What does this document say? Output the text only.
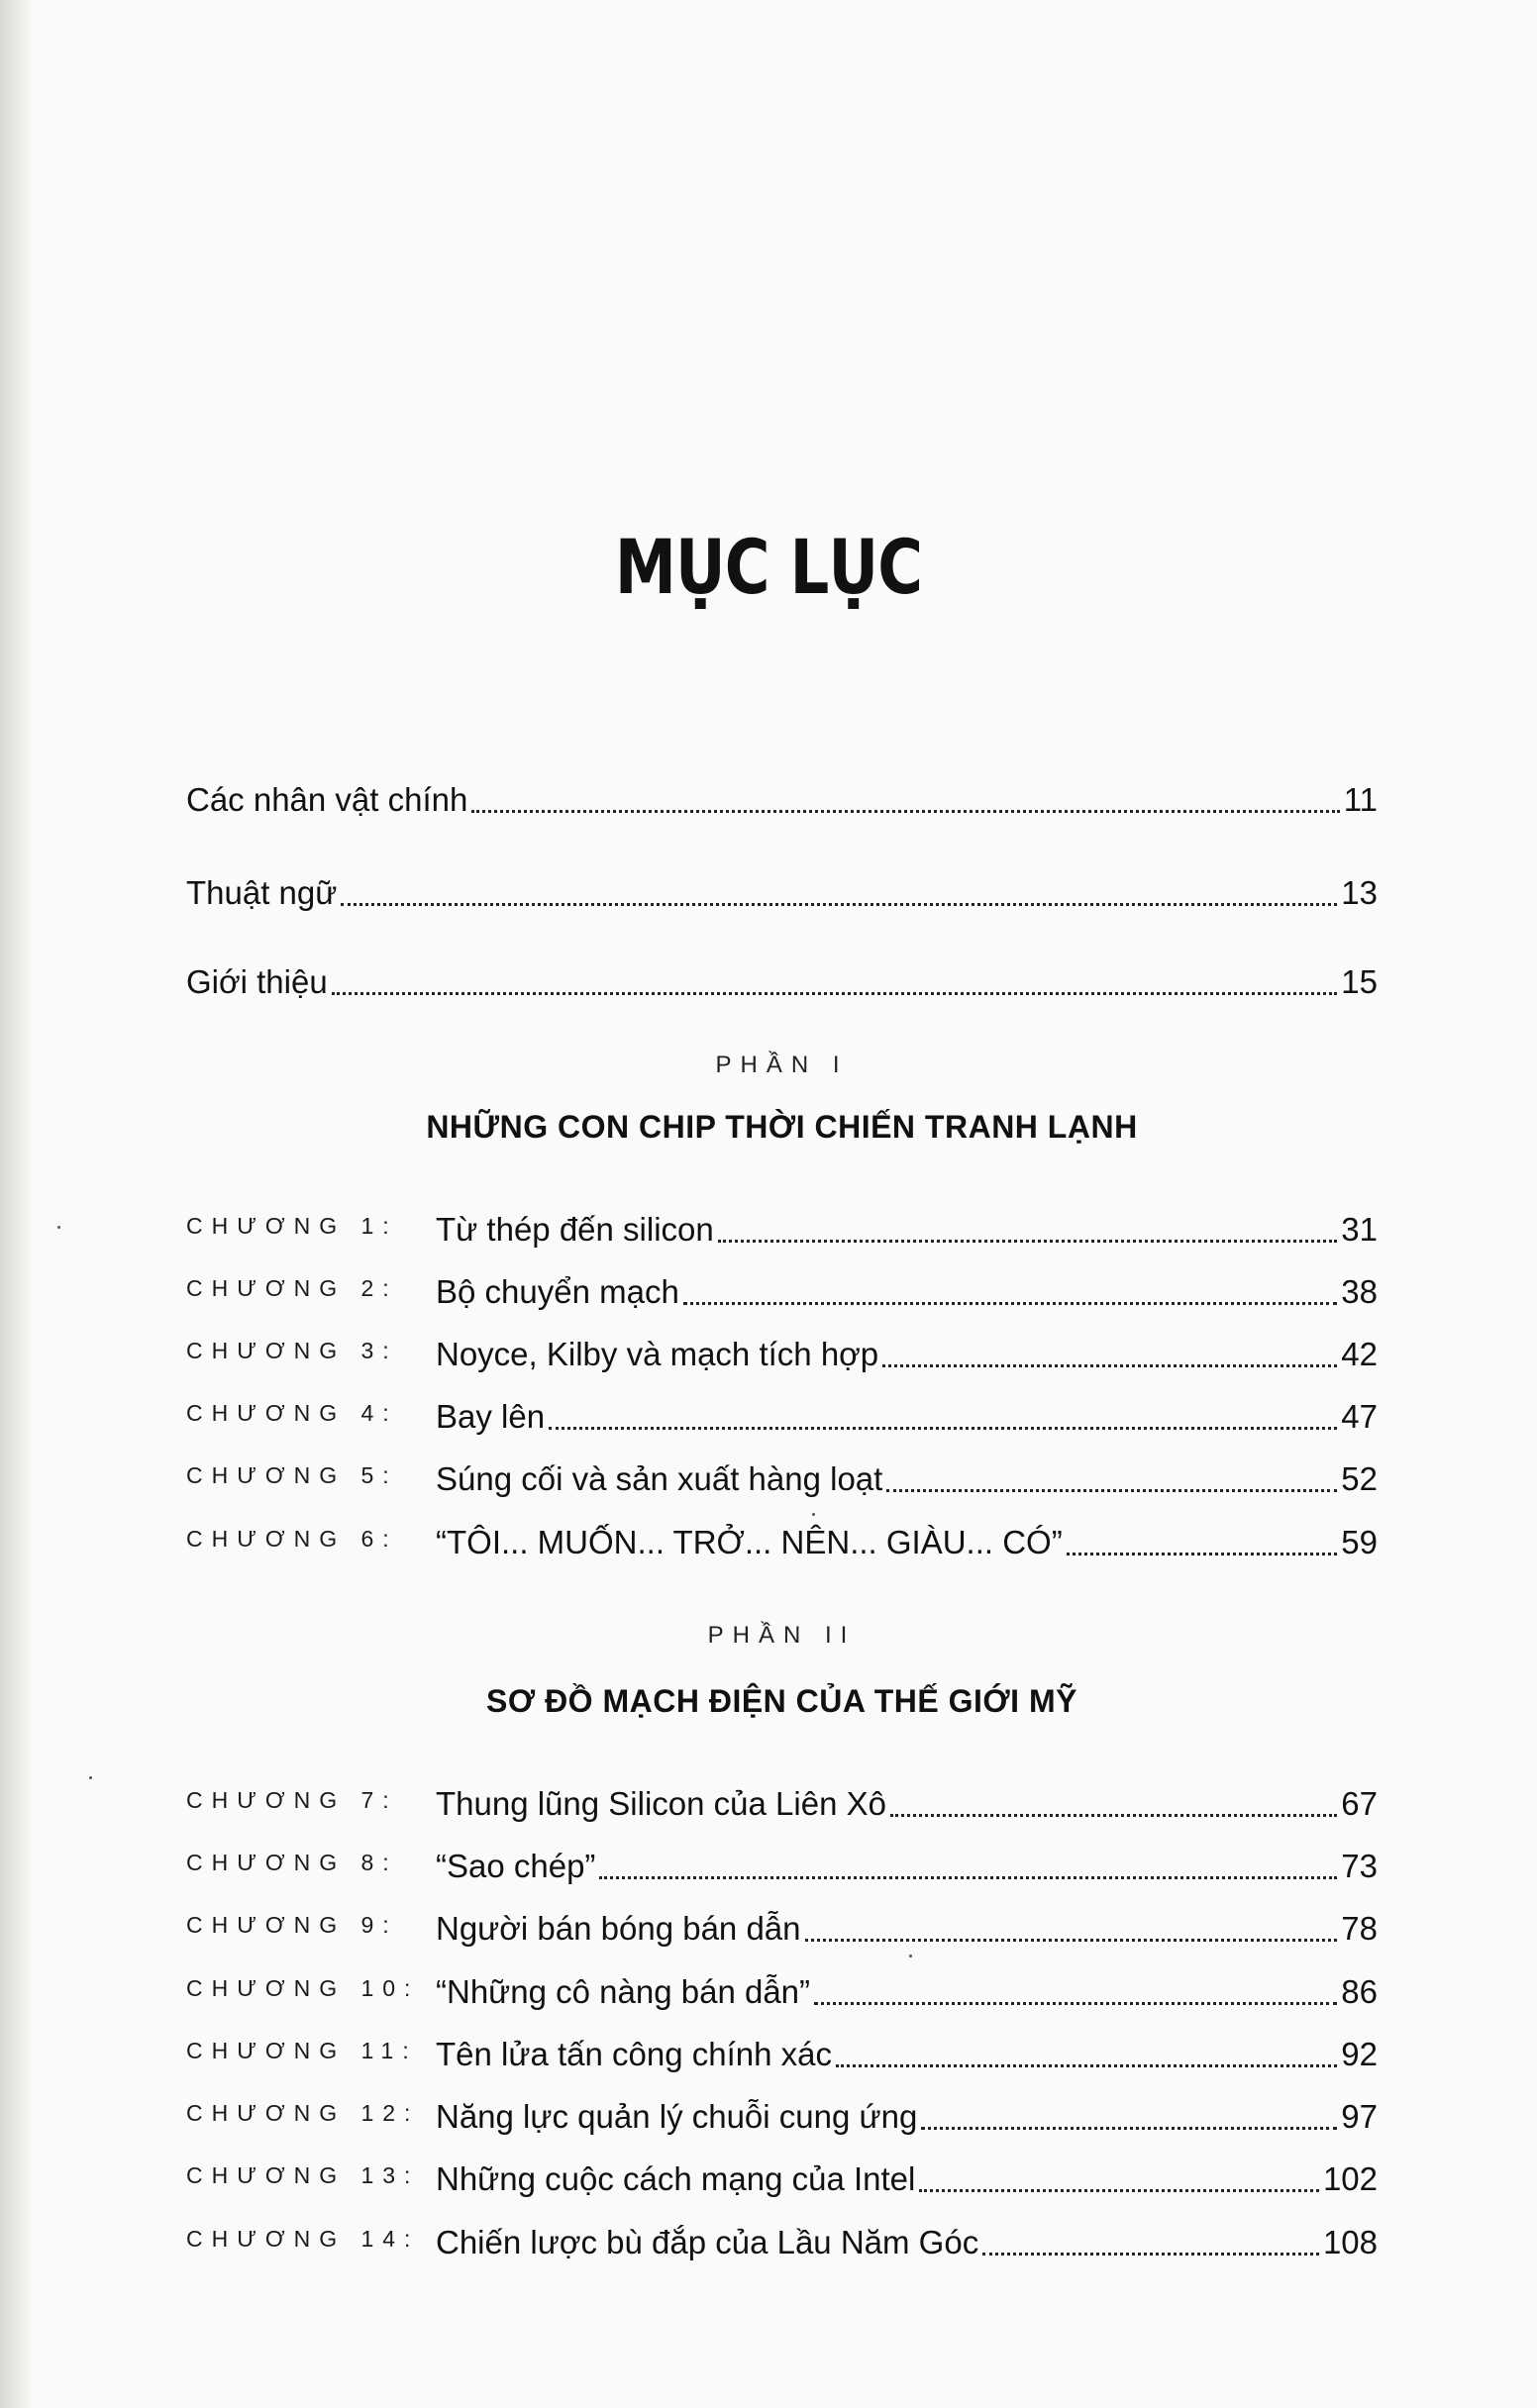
MỤC LỤC
Các nhân vật chính	11
Thuật ngữ	13
Giới thiệu	15
PHẦN I
NHỮNG CON CHIP THỜI CHIẾN TRANH LẠNH
CHƯƠNG 1:	Từ thép đến silicon	31
CHƯƠNG 2:	Bộ chuyển mạch	38
CHƯƠNG 3:	Noyce, Kilby và mạch tích hợp	42
CHƯƠNG 4:	Bay lên	47
CHƯƠNG 5:	Súng cối và sản xuất hàng loạt	52
CHƯƠNG 6:	“TÔI... MUỐN... TRỞ... NÊN... GIÀU... CÓ”	59
PHẦN II
SƠ ĐỒ MẠCH ĐIỆN CỦA THẾ GIỚI MỸ
CHƯƠNG 7:	Thung lũng Silicon của Liên Xô	67
CHƯƠNG 8:	“Sao chép”	73
CHƯƠNG 9:	Người bán bóng bán dẫn	78
CHƯƠNG 10: “Những cô nàng bán dẫn”	86
CHƯƠNG 11: Tên lửa tấn công chính xác	92
CHƯƠNG 12: Năng lực quản lý chuỗi cung ứng	97
CHƯƠNG 13: Những cuộc cách mạng của Intel	102
CHƯƠNG 14: Chiến lược bù đắp của Lầu Năm Góc	108
